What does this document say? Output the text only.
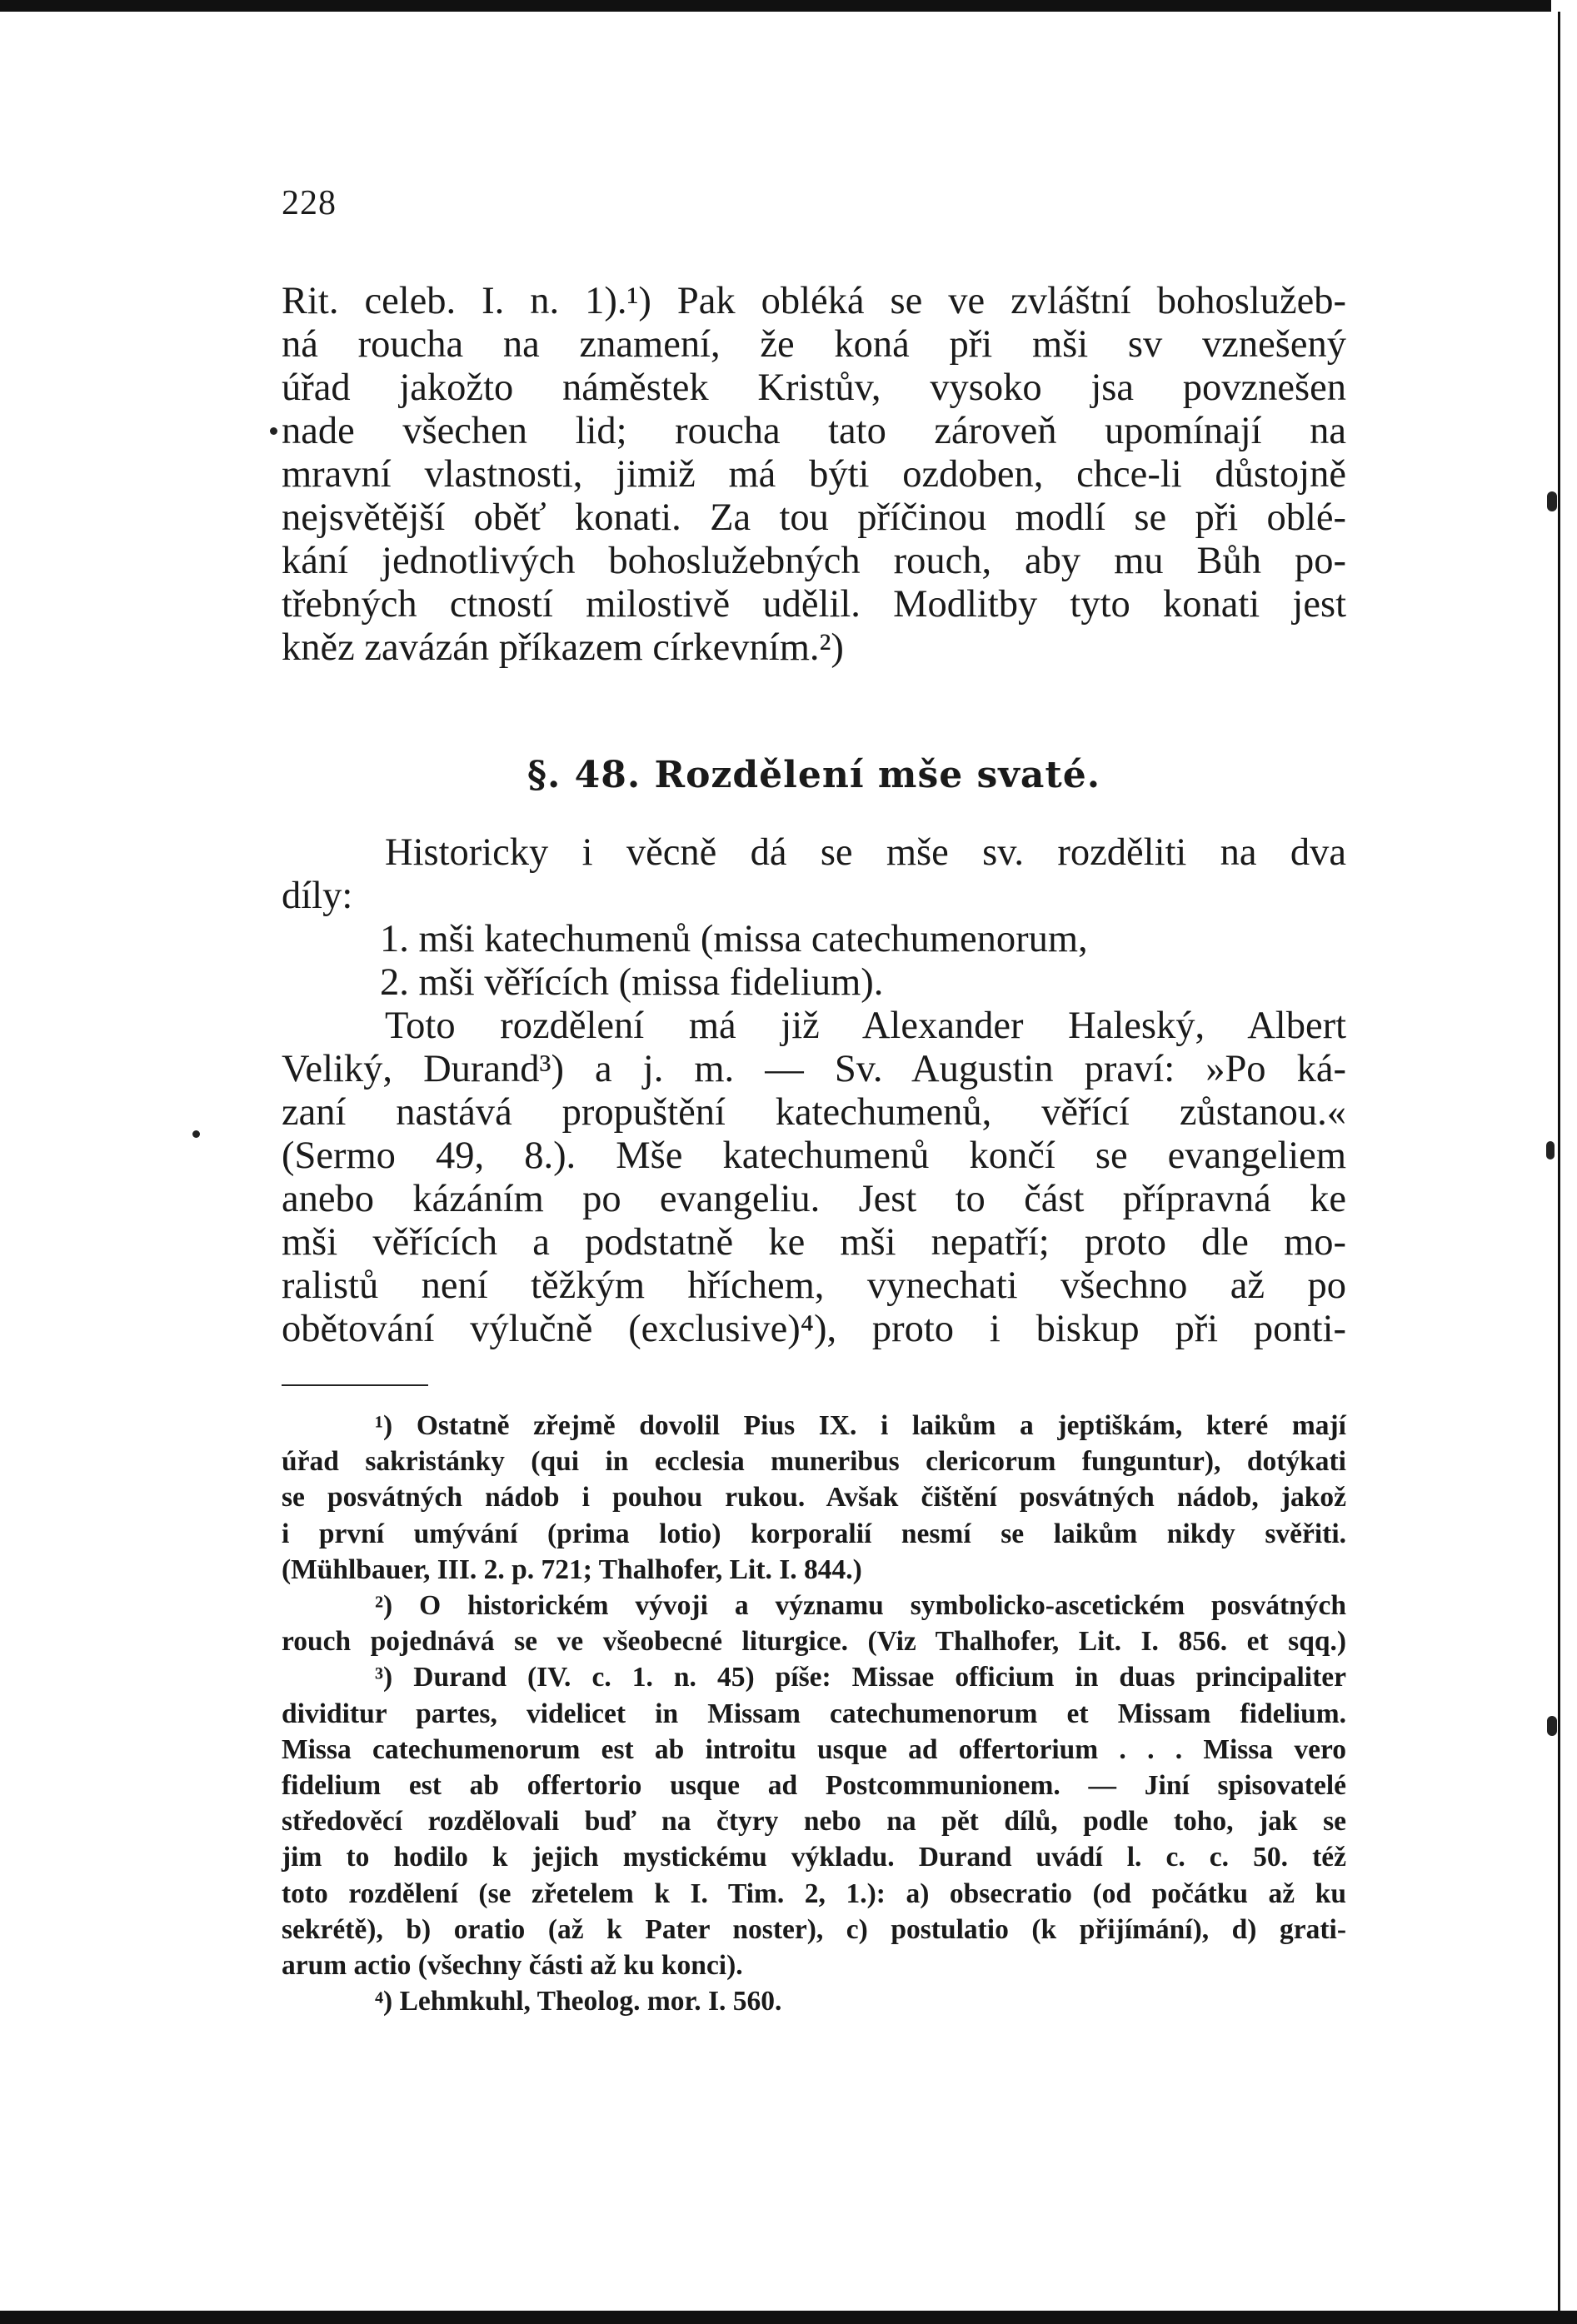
228
Rit. celeb. I. n. 1).¹) Pak obléká se ve zvláštní bohoslužeb-
ná roucha na znamení, že koná při mši sv vznešený
úřad jakožto náměstek Kristův, vysoko jsa povznešen
nade všechen lid; roucha tato zároveň upomínají na
mravní vlastnosti, jimiž má býti ozdoben, chce-li důstojně
nejsvětější oběť konati. Za tou příčinou modlí se při oblé-
kání jednotlivých bohoslužebných rouch, aby mu Bůh po-
třebných ctností milostivě udělil. Modlitby tyto konati jest
kněz zavázán příkazem církevním.²)
§. 48. Rozdělení mše svaté.
Historicky i věcně dá se mše sv. rozděliti na dva
díly:
1. mši katechumenů (missa catechumenorum,
2. mši věřících (missa fidelium).
Toto rozdělení má již Alexander Haleský, Albert
Veliký, Durand³) a j. m. — Sv. Augustin praví: »Po ká-
zaní nastává propuštění katechumenů, věřící zůstanou.«
(Sermo 49, 8.). Mše katechumenů končí se evangeliem
anebo kázáním po evangeliu. Jest to část přípravná ke
mši věřících a podstatně ke mši nepatří; proto dle mo-
ralistů není těžkým hříchem, vynechati všechno až po
obětování výlučně (exclusive)⁴), proto i biskup při ponti-
¹) Ostatně zřejmě dovolil Pius IX. i laikům a jeptiškám, které mají
úřad sakristánky (qui in ecclesia muneribus clericorum funguntur), dotýkati
se posvátných nádob i pouhou rukou. Avšak čištění posvátných nádob, jakož
i první umývání (prima lotio) korporalií nesmí se laikům nikdy svěřiti.
(Mühlbauer, III. 2. p. 721; Thalhofer, Lit. I. 844.)
²) O historickém vývoji a významu symbolicko-ascetickém posvátných
rouch pojednává se ve všeobecné liturgice. (Viz Thalhofer, Lit. I. 856. et sqq.)
³) Durand (IV. c. 1. n. 45) píše: Missae officium in duas principaliter
dividitur partes, videlicet in Missam catechumenorum et Missam fidelium.
Missa catechumenorum est ab introitu usque ad offertorium . . . Missa vero
fidelium est ab offertorio usque ad Postcommunionem. — Jiní spisovatelé
středověcí rozdělovali buď na čtyry nebo na pět dílů, podle toho, jak se
jim to hodilo k jejich mystickému výkladu. Durand uvádí l. c. c. 50. též
toto rozdělení (se zřetelem k I. Tim. 2, 1.): a) obsecratio (od počátku až ku
sekrétě), b) oratio (až k Pater noster), c) postulatio (k přijímání), d) grati-
arum actio (všechny části až ku konci).
⁴) Lehmkuhl, Theolog. mor. I. 560.
